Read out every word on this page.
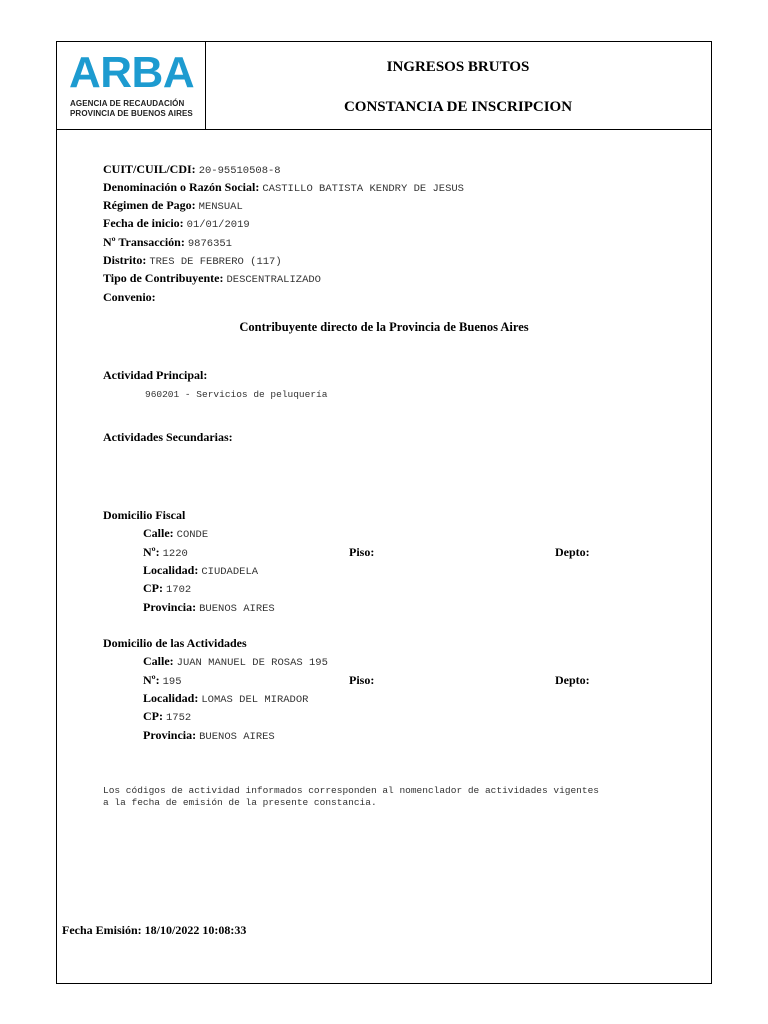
ARBA
AGENCIA DE RECAUDACIÓN
PROVINCIA DE BUENOS AIRES
INGRESOS BRUTOS
CONSTANCIA DE INSCRIPCION
CUIT/CUIL/CDI: 20-95510508-8
Denominación o Razón Social: CASTILLO BATISTA KENDRY DE JESUS
Régimen de Pago: MENSUAL
Fecha de inicio: 01/01/2019
Nº Transacción: 9876351
Distrito: TRES DE FEBRERO (117)
Tipo de Contribuyente: DESCENTRALIZADO
Convenio:
Contribuyente directo de la Provincia de Buenos Aires
Actividad Principal:
960201 - Servicios de peluquería
Actividades Secundarias:
Domicilio Fiscal
Calle: CONDE
Nº: 1220	Piso:	Depto:
Localidad: CIUDADELA
CP: 1702
Provincia: BUENOS AIRES
Domicilio de las Actividades
Calle: JUAN MANUEL DE ROSAS 195
Nº: 195	Piso:	Depto:
Localidad: LOMAS DEL MIRADOR
CP: 1752
Provincia: BUENOS AIRES
Los códigos de actividad informados corresponden al nomenclador de actividades vigentes
a la fecha de emisión de la presente constancia.
Fecha Emisión: 18/10/2022 10:08:33
